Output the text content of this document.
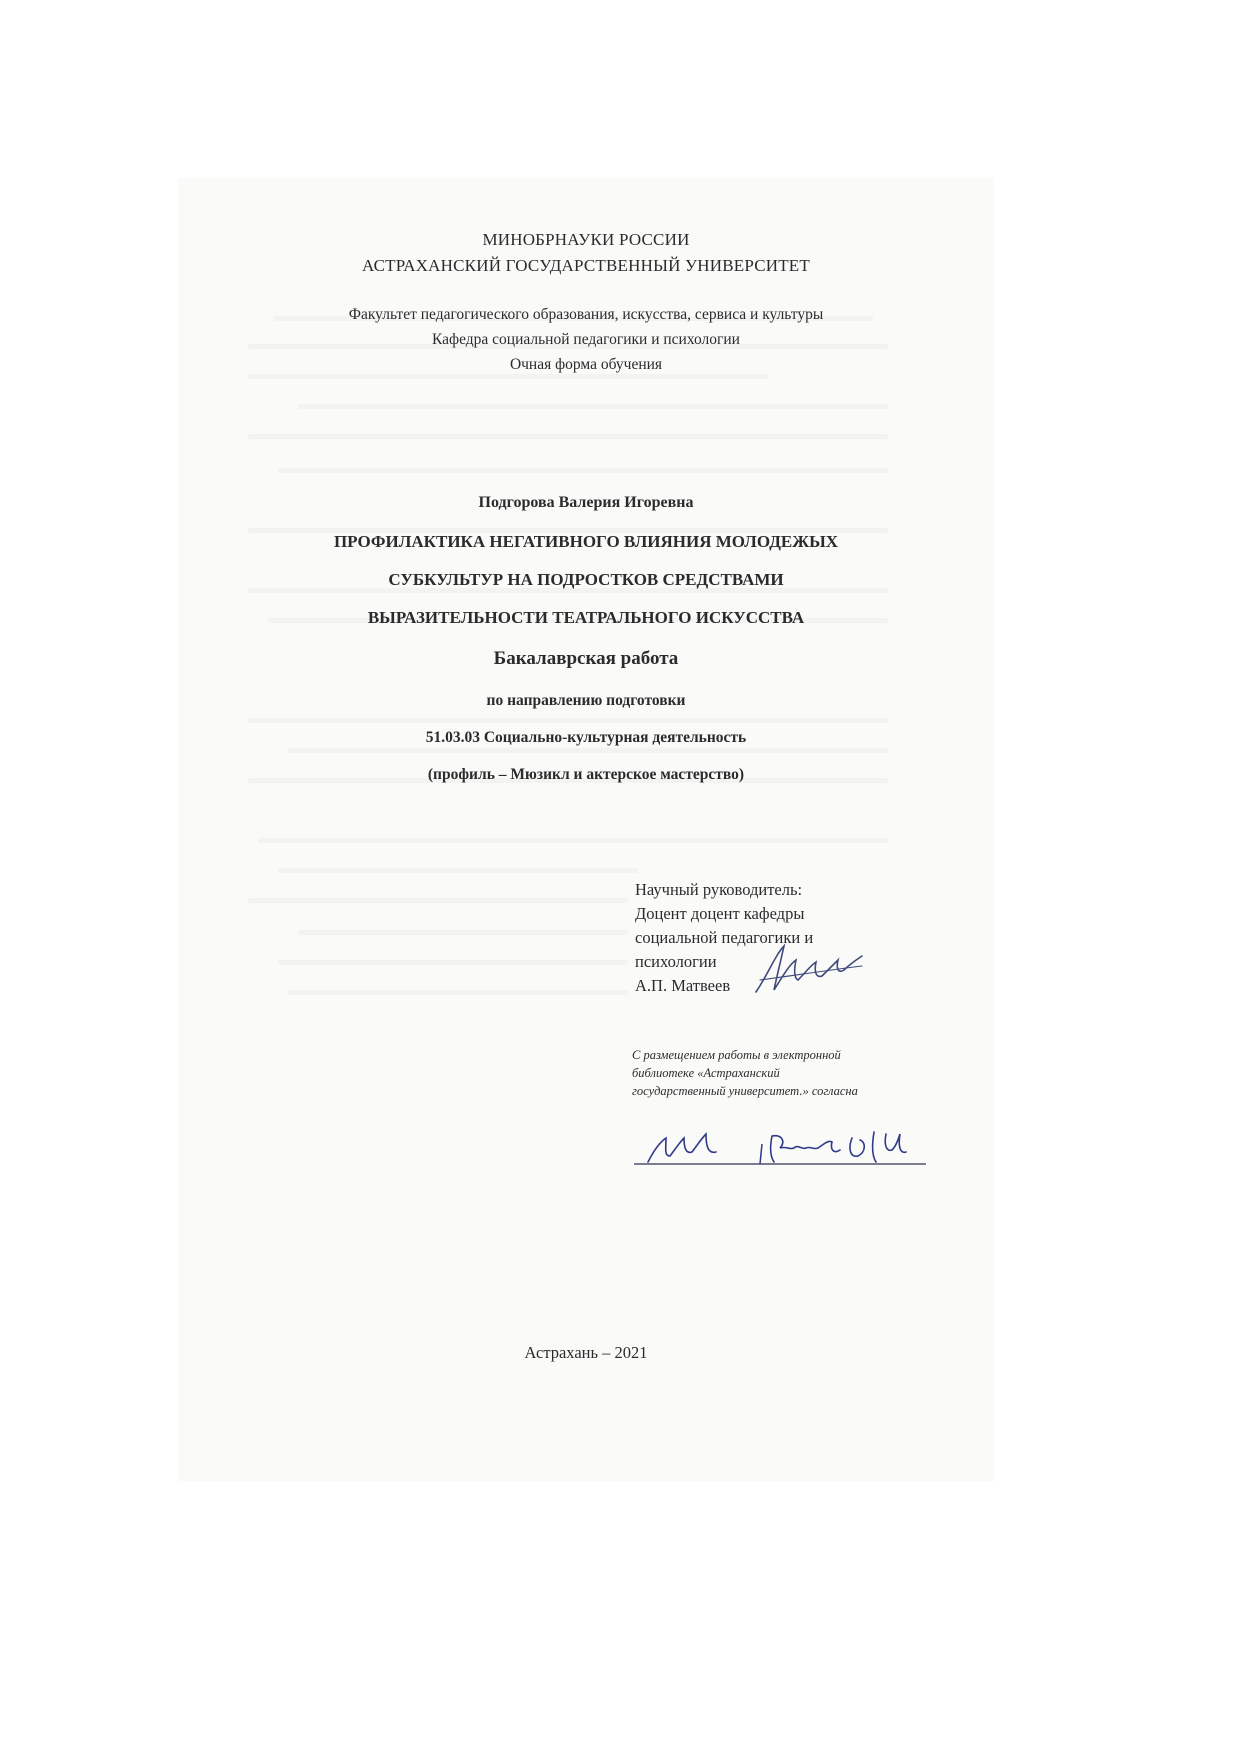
МИНОБРНАУКИ РОССИИ
АСТРАХАНСКИЙ ГОСУДАРСТВЕННЫЙ УНИВЕРСИТЕТ
Факультет педагогического образования, искусства, сервиса и культуры
Кафедра социальной педагогики и психологии
Очная форма обучения
Подгорова Валерия Игоревна
ПРОФИЛАКТИКА НЕГАТИВНОГО ВЛИЯНИЯ МОЛОДЕЖЫХ
СУБКУЛЬТУР НА ПОДРОСТКОВ СРЕДСТВАМИ
ВЫРАЗИТЕЛЬНОСТИ ТЕАТРАЛЬНОГО ИСКУССТВА
Бакалаврская работа
по направлению подготовки
51.03.03 Социально-культурная деятельность
(профиль – Мюзикл и актерское мастерство)
Научный руководитель:
Доцент доцент кафедры
социальной педагогики и
психологии
А.П. Матвеев
С размещением работы в электронной
библиотеке «Астраханский
государственный университет.» согласна
Астрахань – 2021
